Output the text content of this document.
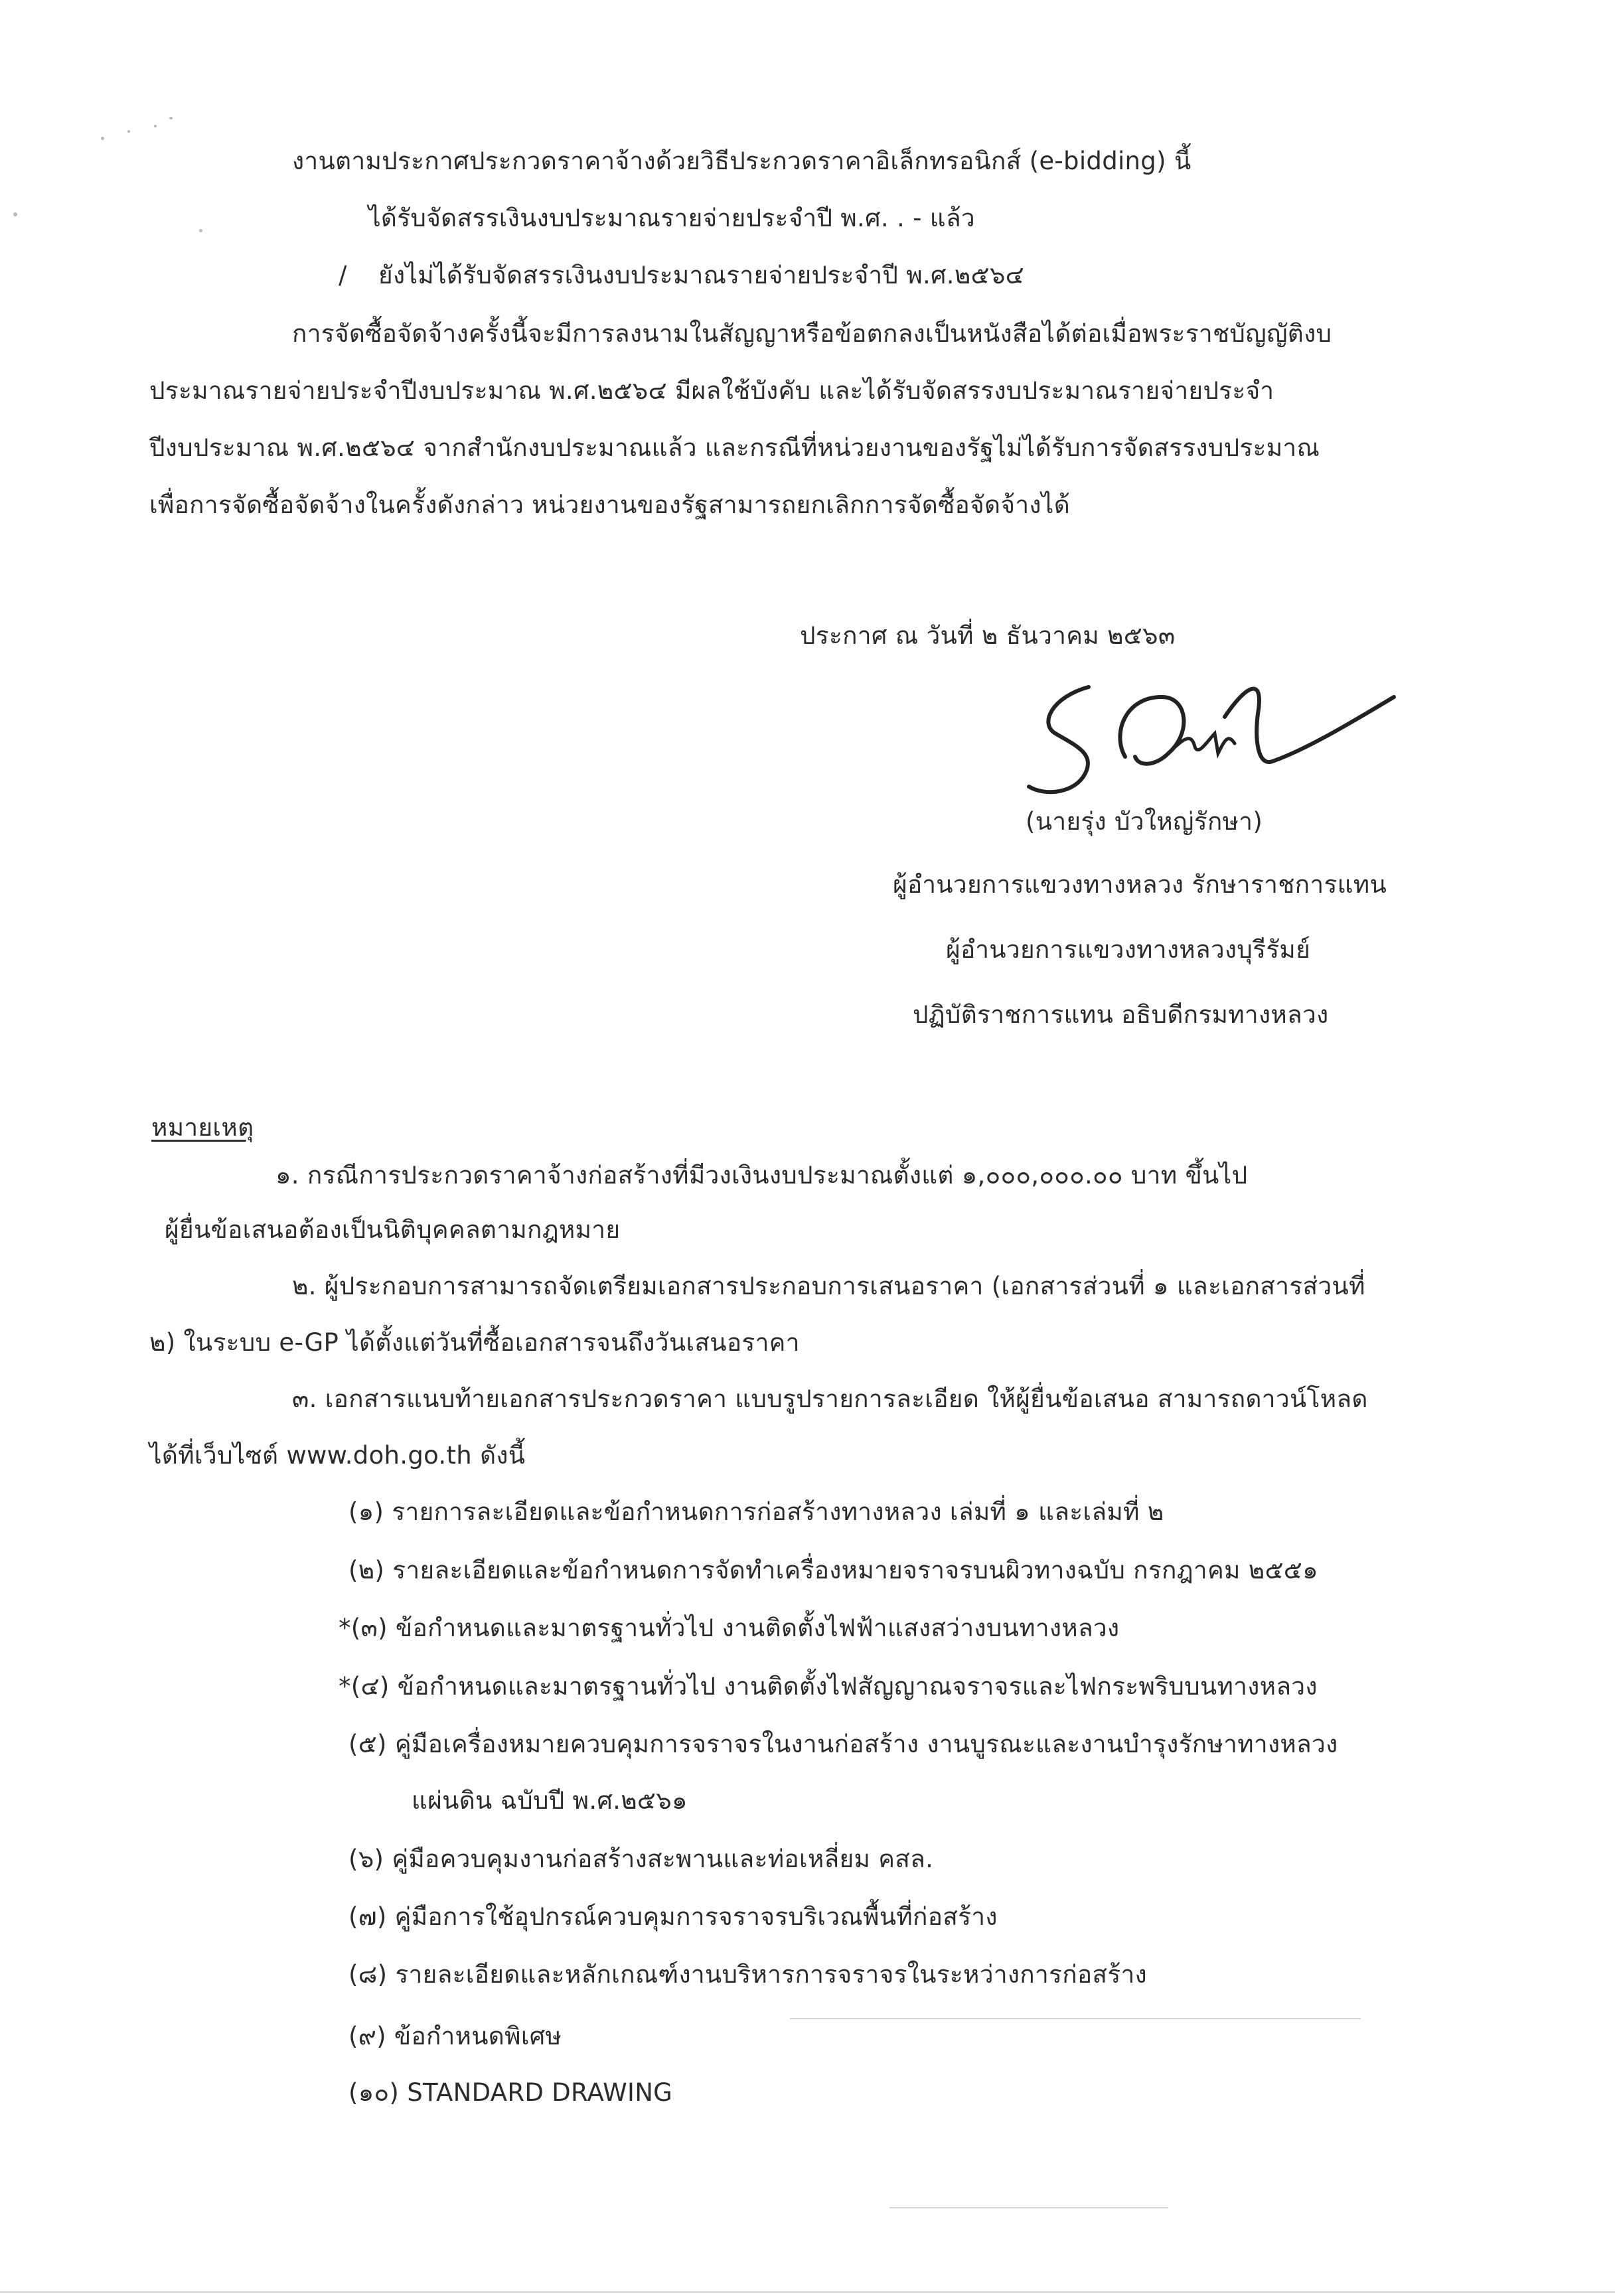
งานตามประกาศประกวดราคาจ้างด้วยวิธีประกวดราคาอิเล็กทรอนิกส์ (e-bidding) นี้
ได้รับจัดสรรเงินงบประมาณรายจ่ายประจำปี พ.ศ. . - แล้ว
/ ยังไม่ได้รับจัดสรรเงินงบประมาณรายจ่ายประจำปี พ.ศ.๒๕๖๔
การจัดซื้อจัดจ้างครั้งนี้จะมีการลงนามในสัญญาหรือข้อตกลงเป็นหนังสือได้ต่อเมื่อพระราชบัญญัติงบ
ประมาณรายจ่ายประจำปีงบประมาณ พ.ศ.๒๕๖๔ มีผลใช้บังคับ และได้รับจัดสรรงบประมาณรายจ่ายประจำ
ปีงบประมาณ พ.ศ.๒๕๖๔ จากสำนักงบประมาณแล้ว และกรณีที่หน่วยงานของรัฐไม่ได้รับการจัดสรรงบประมาณ
เพื่อการจัดซื้อจัดจ้างในครั้งดังกล่าว หน่วยงานของรัฐสามารถยกเลิกการจัดซื้อจัดจ้างได้
ประกาศ ณ วันที่ ๒ ธันวาคม ๒๕๖๓
(นายรุ่ง บัวใหญ่รักษา)
ผู้อำนวยการแขวงทางหลวง รักษาราชการแทน
ผู้อำนวยการแขวงทางหลวงบุรีรัมย์
ปฏิบัติราชการแทน อธิบดีกรมทางหลวง
หมายเหตุ
๑. กรณีการประกวดราคาจ้างก่อสร้างที่มีวงเงินงบประมาณตั้งแต่ ๑,๐๐๐,๐๐๐.๐๐ บาท ขึ้นไป
ผู้ยื่นข้อเสนอต้องเป็นนิติบุคคลตามกฎหมาย
๒. ผู้ประกอบการสามารถจัดเตรียมเอกสารประกอบการเสนอราคา (เอกสารส่วนที่ ๑ และเอกสารส่วนที่
๒) ในระบบ e-GP ได้ตั้งแต่วันที่ซื้อเอกสารจนถึงวันเสนอราคา
๓. เอกสารแนบท้ายเอกสารประกวดราคา แบบรูปรายการละเอียด ให้ผู้ยื่นข้อเสนอ สามารถดาวน์โหลด
ได้ที่เว็บไซต์ www.doh.go.th ดังนี้
(๑) รายการละเอียดและข้อกำหนดการก่อสร้างทางหลวง เล่มที่ ๑ และเล่มที่ ๒
(๒) รายละเอียดและข้อกำหนดการจัดทำเครื่องหมายจราจรบนผิวทางฉบับ กรกฎาคม ๒๕๕๑
*(๓) ข้อกำหนดและมาตรฐานทั่วไป งานติดตั้งไฟฟ้าแสงสว่างบนทางหลวง
*(๔) ข้อกำหนดและมาตรฐานทั่วไป งานติดตั้งไฟสัญญาณจราจรและไฟกระพริบบนทางหลวง
(๕) คู่มือเครื่องหมายควบคุมการจราจรในงานก่อสร้าง งานบูรณะและงานบำรุงรักษาทางหลวง
แผ่นดิน ฉบับปี พ.ศ.๒๕๖๑
(๖) คู่มือควบคุมงานก่อสร้างสะพานและท่อเหลี่ยม คสล.
(๗) คู่มือการใช้อุปกรณ์ควบคุมการจราจรบริเวณพื้นที่ก่อสร้าง
(๘) รายละเอียดและหลักเกณฑ์งานบริหารการจราจรในระหว่างการก่อสร้าง
(๙) ข้อกำหนดพิเศษ
(๑๐) STANDARD DRAWING
